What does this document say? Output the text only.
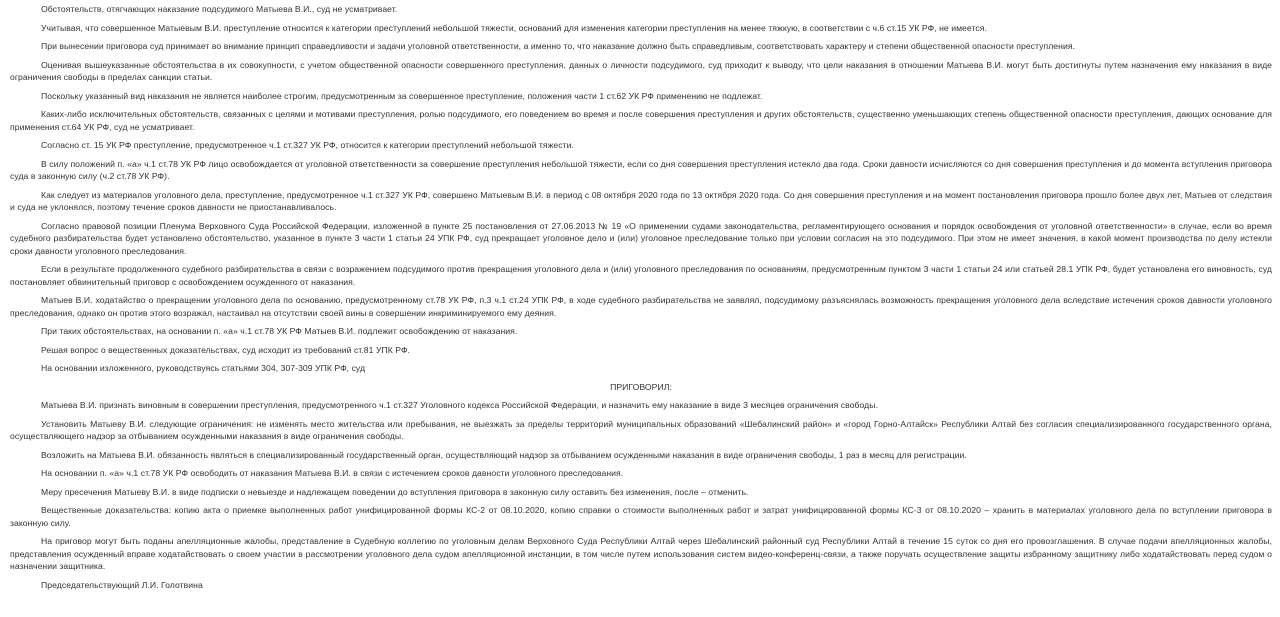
Обстоятельств, отягчающих наказание подсудимого Матыева В.И., суд не усматривает.

Учитывая, что совершенное Матыевым В.И. преступление относится к категории преступлений небольшой тяжести, оснований для изменения категории преступления на менее тяжкую, в соответствии с ч.6 ст.15 УК РФ, не имеется.

При вынесении приговора суд принимает во внимание принцип справедливости и задачи уголовной ответственности, а именно то, что наказание должно быть справедливым, соответствовать характеру и степени общественной опасности преступления.

Оценивая вышеуказанные обстоятельства в их совокупности, с учетом общественной опасности совершенного преступления, данных о личности подсудимого, суд приходит к выводу, что цели наказания в отношении Матыева В.И. могут быть достигнуты путем назначения ему наказания в виде ограничения свободы в пределах санкции статьи.

Поскольку указанный вид наказания не является наиболее строгим, предусмотренным за совершенное преступление, положения части 1 ст.62 УК РФ применению не подлежат.

Каких-либо исключительных обстоятельств, связанных с целями и мотивами преступления, ролью подсудимого, его поведением во время и после совершения преступления и других обстоятельств, существенно уменьшающих степень общественной опасности преступления, дающих основание для применения ст.64 УК РФ, суд не усматривает.

Согласно ст. 15 УК РФ преступление, предусмотренное ч.1 ст.327 УК РФ, относится к категории преступлений небольшой тяжести.

В силу положений п. «а» ч.1 ст.78 УК РФ лицо освобождается от уголовной ответственности за совершение преступления небольшой тяжести, если со дня совершения преступления истекло два года. Сроки давности исчисляются со дня совершения преступления и до момента вступления приговора суда в законную силу (ч.2 ст.78 УК РФ).

Как следует из материалов уголовного дела, преступление, предусмотренное ч.1 ст.327 УК РФ, совершено Матыевым В.И. в период с 08 октября 2020 года по 13 октября 2020 года. Со дня совершения преступления и на момент постановления приговора прошло более двух лет, Матыев от следствия и суда не уклонялся, поэтому течение сроков давности не приостанавливалось.

Согласно правовой позиции Пленума Верховного Суда Российской Федерации, изложенной в пункте 25 постановления от 27.06.2013 № 19 «О применении судами законодательства, регламентирующего основания и порядок освобождения от уголовной ответственности» в случае, если во время судебного разбирательства будет установлено обстоятельство, указанное в пункте 3 части 1 статьи 24 УПК РФ, суд прекращает уголовное дело и (или) уголовное преследование только при условии согласия на это подсудимого. При этом не имеет значения, в какой момент производства по делу истекли сроки давности уголовного преследования.

Если в результате продолженного судебного разбирательства в связи с возражением подсудимого против прекращения уголовного дела и (или) уголовного преследования по основаниям, предусмотренным пунктом 3 части 1 статьи 24 или статьей 28.1 УПК РФ, будет установлена его виновность, суд постановляет обвинительный приговор с освобождением осужденного от наказания.

Матыев В.И. ходатайство о прекращении уголовного дела по основанию, предусмотренному ст.78 УК РФ, п.3 ч.1 ст.24 УПК РФ, в ходе судебного разбирательства не заявлял, подсудимому разъяснялась возможность прекращения уголовного дела вследствие истечения сроков давности уголовного преследования, однако он против этого возражал, настаивал на отсутствии своей вины в совершении инкриминируемого ему деяния.

При таких обстоятельствах, на основании п. «а» ч.1 ст.78 УК РФ Матыев В.И. подлежит освобождению от наказания.

Решая вопрос о вещественных доказательствах, суд исходит из требований ст.81 УПК РФ.

На основании изложенного, руководствуясь статьями 304, 307-309 УПК РФ, суд

ПРИГОВОРИЛ:

Матыева В.И. признать виновным в совершении преступления, предусмотренного ч.1 ст.327 Уголовного кодекса Российской Федерации, и назначить ему наказание в виде 3 месяцев ограничения свободы.

Установить Матыеву В.И. следующие ограничения: не изменять место жительства или пребывания, не выезжать за пределы территорий муниципальных образований «Шебалинский район» и «город Горно-Алтайск» Республики Алтай без согласия специализированного государственного органа, осуществляющего надзор за отбыванием осужденными наказания в виде ограничения свободы.

Возложить на Матыева В.И. обязанность являться в специализированный государственный орган, осуществляющий надзор за отбыванием осужденными наказания в виде ограничения свободы, 1 раз в месяц для регистрации.

На основании п. «а» ч.1 ст.78 УК РФ освободить от наказания Матыева В.И. в связи с истечением сроков давности уголовного преследования.

Меру пресечения Матыеву В.И. в виде подписки о невыезде и надлежащем поведении до вступления приговора в законную силу оставить без изменения, после – отменить.

Вещественные доказательства: копию акта о приемке выполненных работ унифицированной формы КС-2 от 08.10.2020, копию справки о стоимости выполненных работ и затрат унифицированной формы КС-3 от 08.10.2020 – хранить в материалах уголовного дела по вступлении приговора в законную силу.

На приговор могут быть поданы апелляционные жалобы, представление в Судебную коллегию по уголовным делам Верховного Суда Республики Алтай через Шебалинский районный суд Республики Алтай в течение 15 суток со дня его провозглашения. В случае подачи апелляционных жалобы, представления осужденный вправе ходатайствовать о своем участии в рассмотрении уголовного дела судом апелляционной инстанции, в том числе путем использования систем видео-конференц-связи, а также поручать осуществление защиты избранному защитнику либо ходатайствовать перед судом о назначении защитника.

Председательствующий Л.И. Голотвина
